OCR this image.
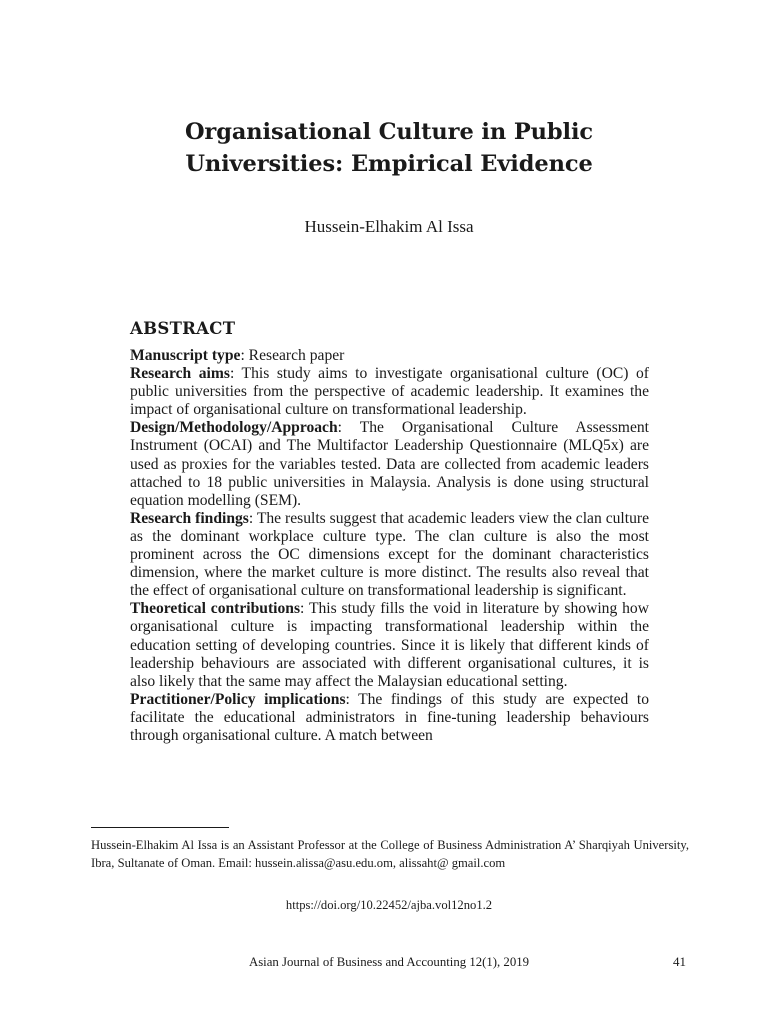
Organisational Culture in Public
Universities: Empirical Evidence
Hussein-Elhakim Al Issa
ABSTRACT

Manuscript type: Research paper

Research aims: This study aims to investigate organisational culture (OC) of public universities from the perspective of academic leadership. It examines the impact of organisational culture on transformational leadership.

Design/Methodology/Approach: The Organisational Culture Assessment Instrument (OCAI) and The Multifactor Leadership Questionnaire (MLQ5x) are used as proxies for the variables tested. Data are collected from academic leaders attached to 18 public universities in Malaysia. Analysis is done using structural equation modelling (SEM).

Research findings: The results suggest that academic leaders view the clan culture as the dominant workplace culture type. The clan culture is also the most prominent across the OC dimensions except for the dominant characteristics dimension, where the market culture is more distinct. The results also reveal that the effect of organisational culture on transformational leadership is significant.

Theoretical contributions: This study fills the void in literature by showing how organisational culture is impacting transformational leadership within the education setting of developing countries. Since it is likely that different kinds of leadership behaviours are associated with different organisational cultures, it is also likely that the same may affect the Malaysian educational setting.

Practitioner/Policy implications: The findings of this study are expected to facilitate the educational administrators in fine-tuning leadership behaviours through organisational culture. A match between

Hussein-Elhakim Al Issa is an Assistant Professor at the College of Business Administration A’ Sharqiyah University, Ibra, Sultanate of Oman. Email: hussein.alissa@asu.edu.om, alissaht@ gmail.com

https://doi.org/10.22452/ajba.vol12no1.2
Asian Journal of Business and Accounting 12(1), 2019	41
